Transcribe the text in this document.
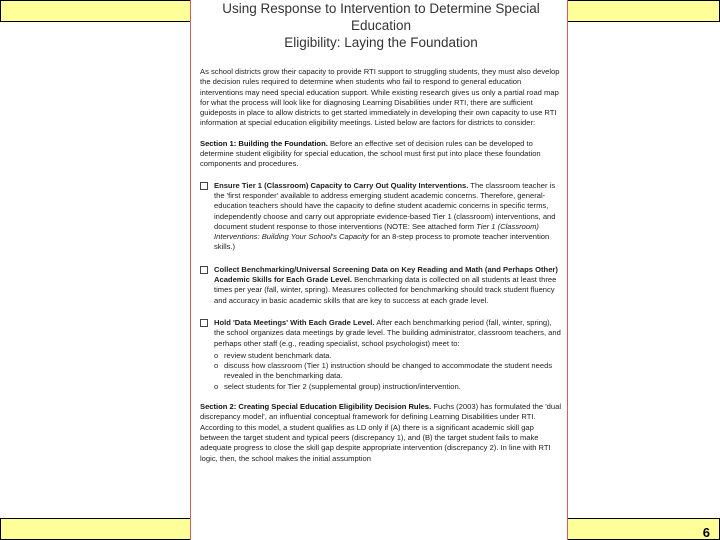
6

Using Response to Intervention to Determine Special Education

Eligibility: Laying the Foundation

As school districts grow their capacity to provide RTI support to struggling students, they must also develop the decision rules required to determine when students who fail to respond to general education interventions may need special education support. While existing research gives us only a partial road map for what the process will look like for diagnosing Learning Disabilities under RTI, there are sufficient guideposts in place to allow districts to get started immediately in developing their own capacity to use RTI information at special education eligibility meetings. Listed below are factors for districts to consider:

Section 1: Building the Foundation. Before an effective set of decision rules can be developed to determine student eligibility for special education, the school must first put into place these foundation components and procedures.

Ensure Tier 1 (Classroom) Capacity to Carry Out Quality Interventions. The classroom teacher is the 'first responder' available to address emerging student academic concerns. Therefore, general-education teachers should have the capacity to define student academic concerns in specific terms, independently choose and carry out appropriate evidence-based Tier 1 (classroom) interventions, and document student response to those interventions (NOTE: See attached form Tier 1 (Classroom) Interventions: Building Your School's Capacity for an 8-step process to promote teacher intervention skills.)
Collect Benchmarking/Universal Screening Data on Key Reading and Math (and Perhaps Other) Academic Skills for Each Grade Level. Benchmarking data is collected on all students at least three times per year (fall, winter, spring). Measures collected for benchmarking should track student fluency and accuracy in basic academic skills that are key to success at each grade level.
Hold 'Data Meetings' With Each Grade Level. After each benchmarking period (fall, winter, spring), the school organizes data meetings by grade level. The building administrator, classroom teachers, and perhaps other staff (e.g., reading specialist, school psychologist) meet to:
o review student benchmark data.
o discuss how classroom (Tier 1) instruction should be changed to accommodate the student needs revealed in the benchmarking data.
o select students for Tier 2 (supplemental group) instruction/intervention.

Section 2: Creating Special Education Eligibility Decision Rules. Fuchs (2003) has formulated the 'dual discrepancy model', an influential conceptual framework for defining Learning Disabilities under RTI. According to this model, a student qualifies as LD only if (A) there is a significant academic skill gap between the target student and typical peers (discrepancy 1), and (B) the target student fails to make adequate progress to close the skill gap despite appropriate intervention (discrepancy 2). In line with RTI logic, then, the school makes the initial assumption
